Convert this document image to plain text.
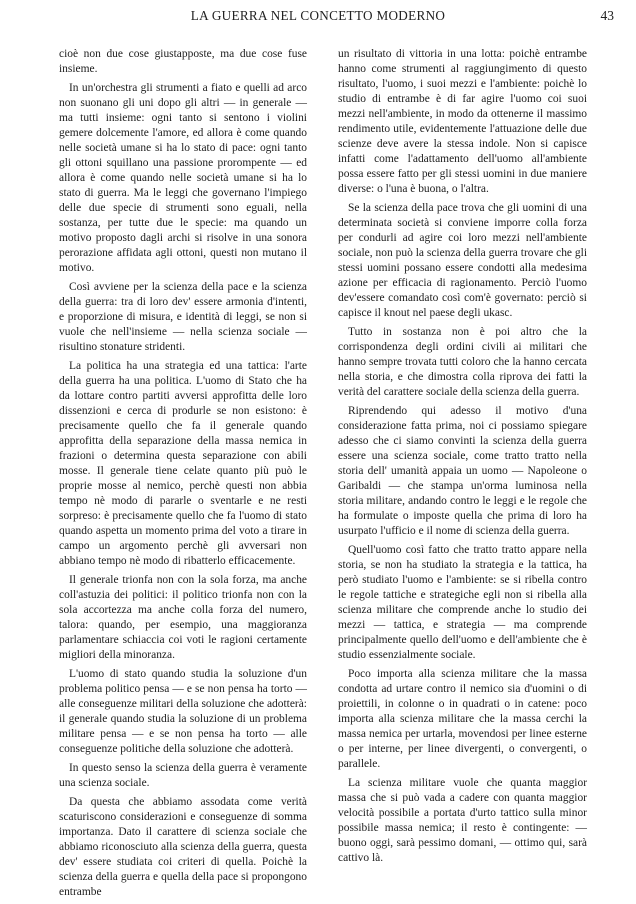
LA GUERRA NEL CONCETTO MODERNO	43

cioè non due cose giustapposte, ma due cose fuse insieme.

In un'orchestra gli strumenti a fiato e quelli ad arco non suonano gli uni dopo gli altri — in generale — ma tutti insieme: ogni tanto si sentono i violini gemere dolcemente l'amore, ed allora è come quando nelle società umane si ha lo stato di pace: ogni tanto gli ottoni squillano una passione prorompente — ed allora è come quando nelle società umane si ha lo stato di guerra. Ma le leggi che governano l'impiego delle due specie di strumenti sono eguali, nella sostanza, per tutte due le specie: ma quando un motivo proposto dagli archi si risolve in una sonora perorazione affidata agli ottoni, questi non mutano il motivo.

Così avviene per la scienza della pace e la scienza della guerra: tra di loro dev' essere armonia d'intenti, e proporzione di misura, e identità di leggi, se non si vuole che nell'insieme — nella scienza sociale — risultino stonature stridenti.

La politica ha una strategia ed una tattica: l'arte della guerra ha una politica. L'uomo di Stato che ha da lottare contro partiti avversi approfitta delle loro dissenzioni e cerca di produrle se non esistono: è precisamente quello che fa il generale quando approfitta della separazione della massa nemica in frazioni o determina questa separazione con abili mosse. Il generale tiene celate quanto più può le proprie mosse al nemico, perchè questi non abbia tempo nè modo di pararle o sventarle e ne resti sorpreso: è precisamente quello che fa l'uomo di stato quando aspetta un momento prima del voto a tirare in campo un argomento perchè gli avversari non abbiano tempo nè modo di ribatterlo efficacemente.

Il generale trionfa non con la sola forza, ma anche coll'astuzia dei politici: il politico trionfa non con la sola accortezza ma anche colla forza del numero, talora: quando, per esempio, una maggioranza parlamentare schiaccia coi voti le ragioni certamente migliori della minoranza.

L'uomo di stato quando studia la soluzione d'un problema politico pensa — e se non pensa ha torto — alle conseguenze militari della soluzione che adotterà: il generale quando studia la soluzione di un problema militare pensa — e se non pensa ha torto — alle conseguenze politiche della soluzione che adotterà.

In questo senso la scienza della guerra è veramente una scienza sociale.

Da questa che abbiamo assodata come verità scaturiscono considerazioni e conseguenze di somma importanza. Dato il carattere di scienza sociale che abbiamo riconosciuto alla scienza della guerra, questa dev' essere studiata coi criteri di quella. Poichè la scienza della guerra e quella della pace si propongono entrambe

un risultato di vittoria in una lotta: poichè entrambe hanno come strumenti al raggiungimento di questo risultato, l'uomo, i suoi mezzi e l'ambiente: poichè lo studio di entrambe è di far agire l'uomo coi suoi mezzi nell'ambiente, in modo da ottenerne il massimo rendimento utile, evidentemente l'attuazione delle due scienze deve avere la stessa indole. Non si capisce infatti come l'adattamento dell'uomo all'ambiente possa essere fatto per gli stessi uomini in due maniere diverse: o l'una è buona, o l'altra.

Se la scienza della pace trova che gli uomini di una determinata società si conviene imporre colla forza per condurli ad agire coi loro mezzi nell'ambiente sociale, non può la scienza della guerra trovare che gli stessi uomini possano essere condotti alla medesima azione per efficacia di ragionamento. Perciò l'uomo dev'essere comandato così com'è governato: perciò si capisce il knout nel paese degli ukasc.

Tutto in sostanza non è poi altro che la corrispondenza degli ordini civili ai militari che hanno sempre trovata tutti coloro che la hanno cercata nella storia, e che dimostra colla riprova dei fatti la verità del carattere sociale della scienza della guerra.

Riprendendo qui adesso il motivo d'una considerazione fatta prima, noi ci possiamo spiegare adesso che ci siamo convinti la scienza della guerra essere una scienza sociale, come tratto tratto nella storia dell' umanità appaia un uomo — Napoleone o Garibaldi — che stampa un'orma luminosa nella storia militare, andando contro le leggi e le regole che ha formulate o imposte quella che prima di loro ha usurpato l'ufficio e il nome di scienza della guerra.

Quell'uomo così fatto che tratto tratto appare nella storia, se non ha studiato la strategia e la tattica, ha però studiato l'uomo e l'ambiente: se si ribella contro le regole tattiche e strategiche egli non si ribella alla scienza militare che comprende anche lo studio dei mezzi — tattica, e strategia — ma comprende principalmente quello dell'uomo e dell'ambiente che è studio essenzialmente sociale.

Poco importa alla scienza militare che la massa condotta ad urtare contro il nemico sia d'uomini o di proiettili, in colonne o in quadrati o in catene: poco importa alla scienza militare che la massa cerchi la massa nemica per urtarla, movendosi per linee esterne o per interne, per linee divergenti, o convergenti, o parallele.

La scienza militare vuole che quanta maggior massa che si può vada a cadere con quanta maggior velocità possibile a portata d'urto tattico sulla minor possibile massa nemica; il resto è contingente: — buono oggi, sarà pessimo domani, — ottimo qui, sarà cattivo là.
